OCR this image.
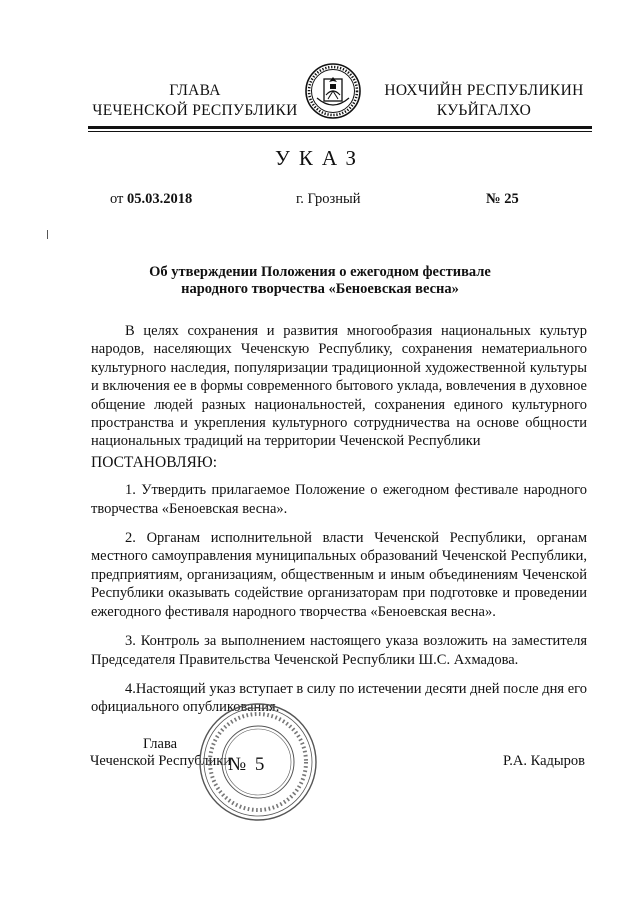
ГЛАВА
ЧЕЧЕНСКОЙ РЕСПУБЛИКИ
НОХЧИЙН РЕСПУБЛИКИН
КУЬЙГАЛХО
УКАЗ
от 05.03.2018	г. Грозный	№ 25
Об утверждении Положения о ежегодном фестивале
народного творчества «Беноевская весна»

В целях сохранения и развития многообразия национальных культур народов, населяющих Чеченскую Республику, сохранения нематериального культурного наследия, популяризации традиционной художественной культуры и включения ее в формы современного бытового уклада, вовлечения в духовное общение людей разных национальностей, сохранения единого культурного пространства и укрепления культурного сотрудничества на основе общности национальных традиций на территории Чеченской Республики

ПОСТАНОВЛЯЮ:

1. Утвердить прилагаемое Положение о ежегодном фестивале народного творчества «Беноевская весна».

2. Органам исполнительной власти Чеченской Республики, органам местного самоуправления муниципальных образований Чеченской Республики, предприятиям, организациям, общественным и иным объединениям Чеченской Республики оказывать содействие организаторам при подготовке и проведении ежегодного фестиваля народного творчества «Беноевская весна».

3. Контроль за выполнением настоящего указа возложить на заместителя Председателя Правительства Чеченской Республики Ш.С. Ахмадова.

4.Настоящий указ вступает в силу по истечении десяти дней после дня его официального опубликования.

Глава
Чеченской Республики
№ 5	Р.А. Кадыров
